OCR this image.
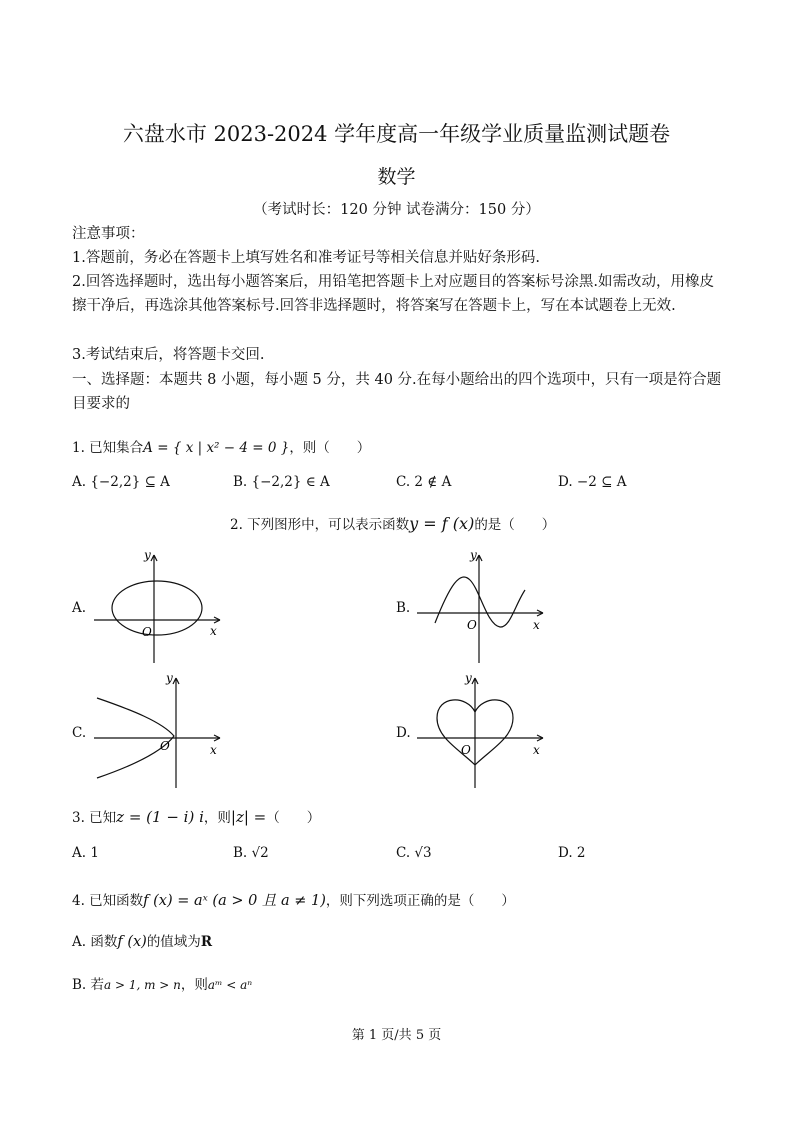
六盘水市 2023-2024 学年度高一年级学业质量监测试题卷
数学
（考试时长：120 分钟 试卷满分：150 分）
注意事项：
1.答题前，务必在答题卡上填写姓名和准考证号等相关信息并贴好条形码.
2.回答选择题时，选出每小题答案后，用铅笔把答题卡上对应题目的答案标号涂黑.如需改动，用橡皮擦干净后，再选涂其他答案标号.回答非选择题时，将答案写在答题卡上，写在本试题卷上无效.
3.考试结束后，将答题卡交回.
一、选择题：本题共 8 小题，每小题 5 分，共 40 分.在每小题给出的四个选项中，只有一项是符合题目要求的
1. 已知集合A = { x | x² − 4 = 0 }，则（　　）
A. {−2,2} ⊆ A	B. {−2,2} ∈ A	C. 2 ∉ A	D. −2 ⊆ A
2. 下列图形中，可以表示函数y = f (x)的是（　　）
A.
y
x
O
B.
y
x
O
C.
y
x
O
D.
y
x
O
3. 已知z = (1 − i) i，则|z| =（　　）
A. 1	B. √2	C. √3	D. 2
4. 已知函数f (x) = aˣ (a > 0 且 a ≠ 1)，则下列选项正确的是（　　）
A. 函数f (x)的值域为R
B. 若a > 1, m > n，则aᵐ < aⁿ
第 1 页/共 5 页
